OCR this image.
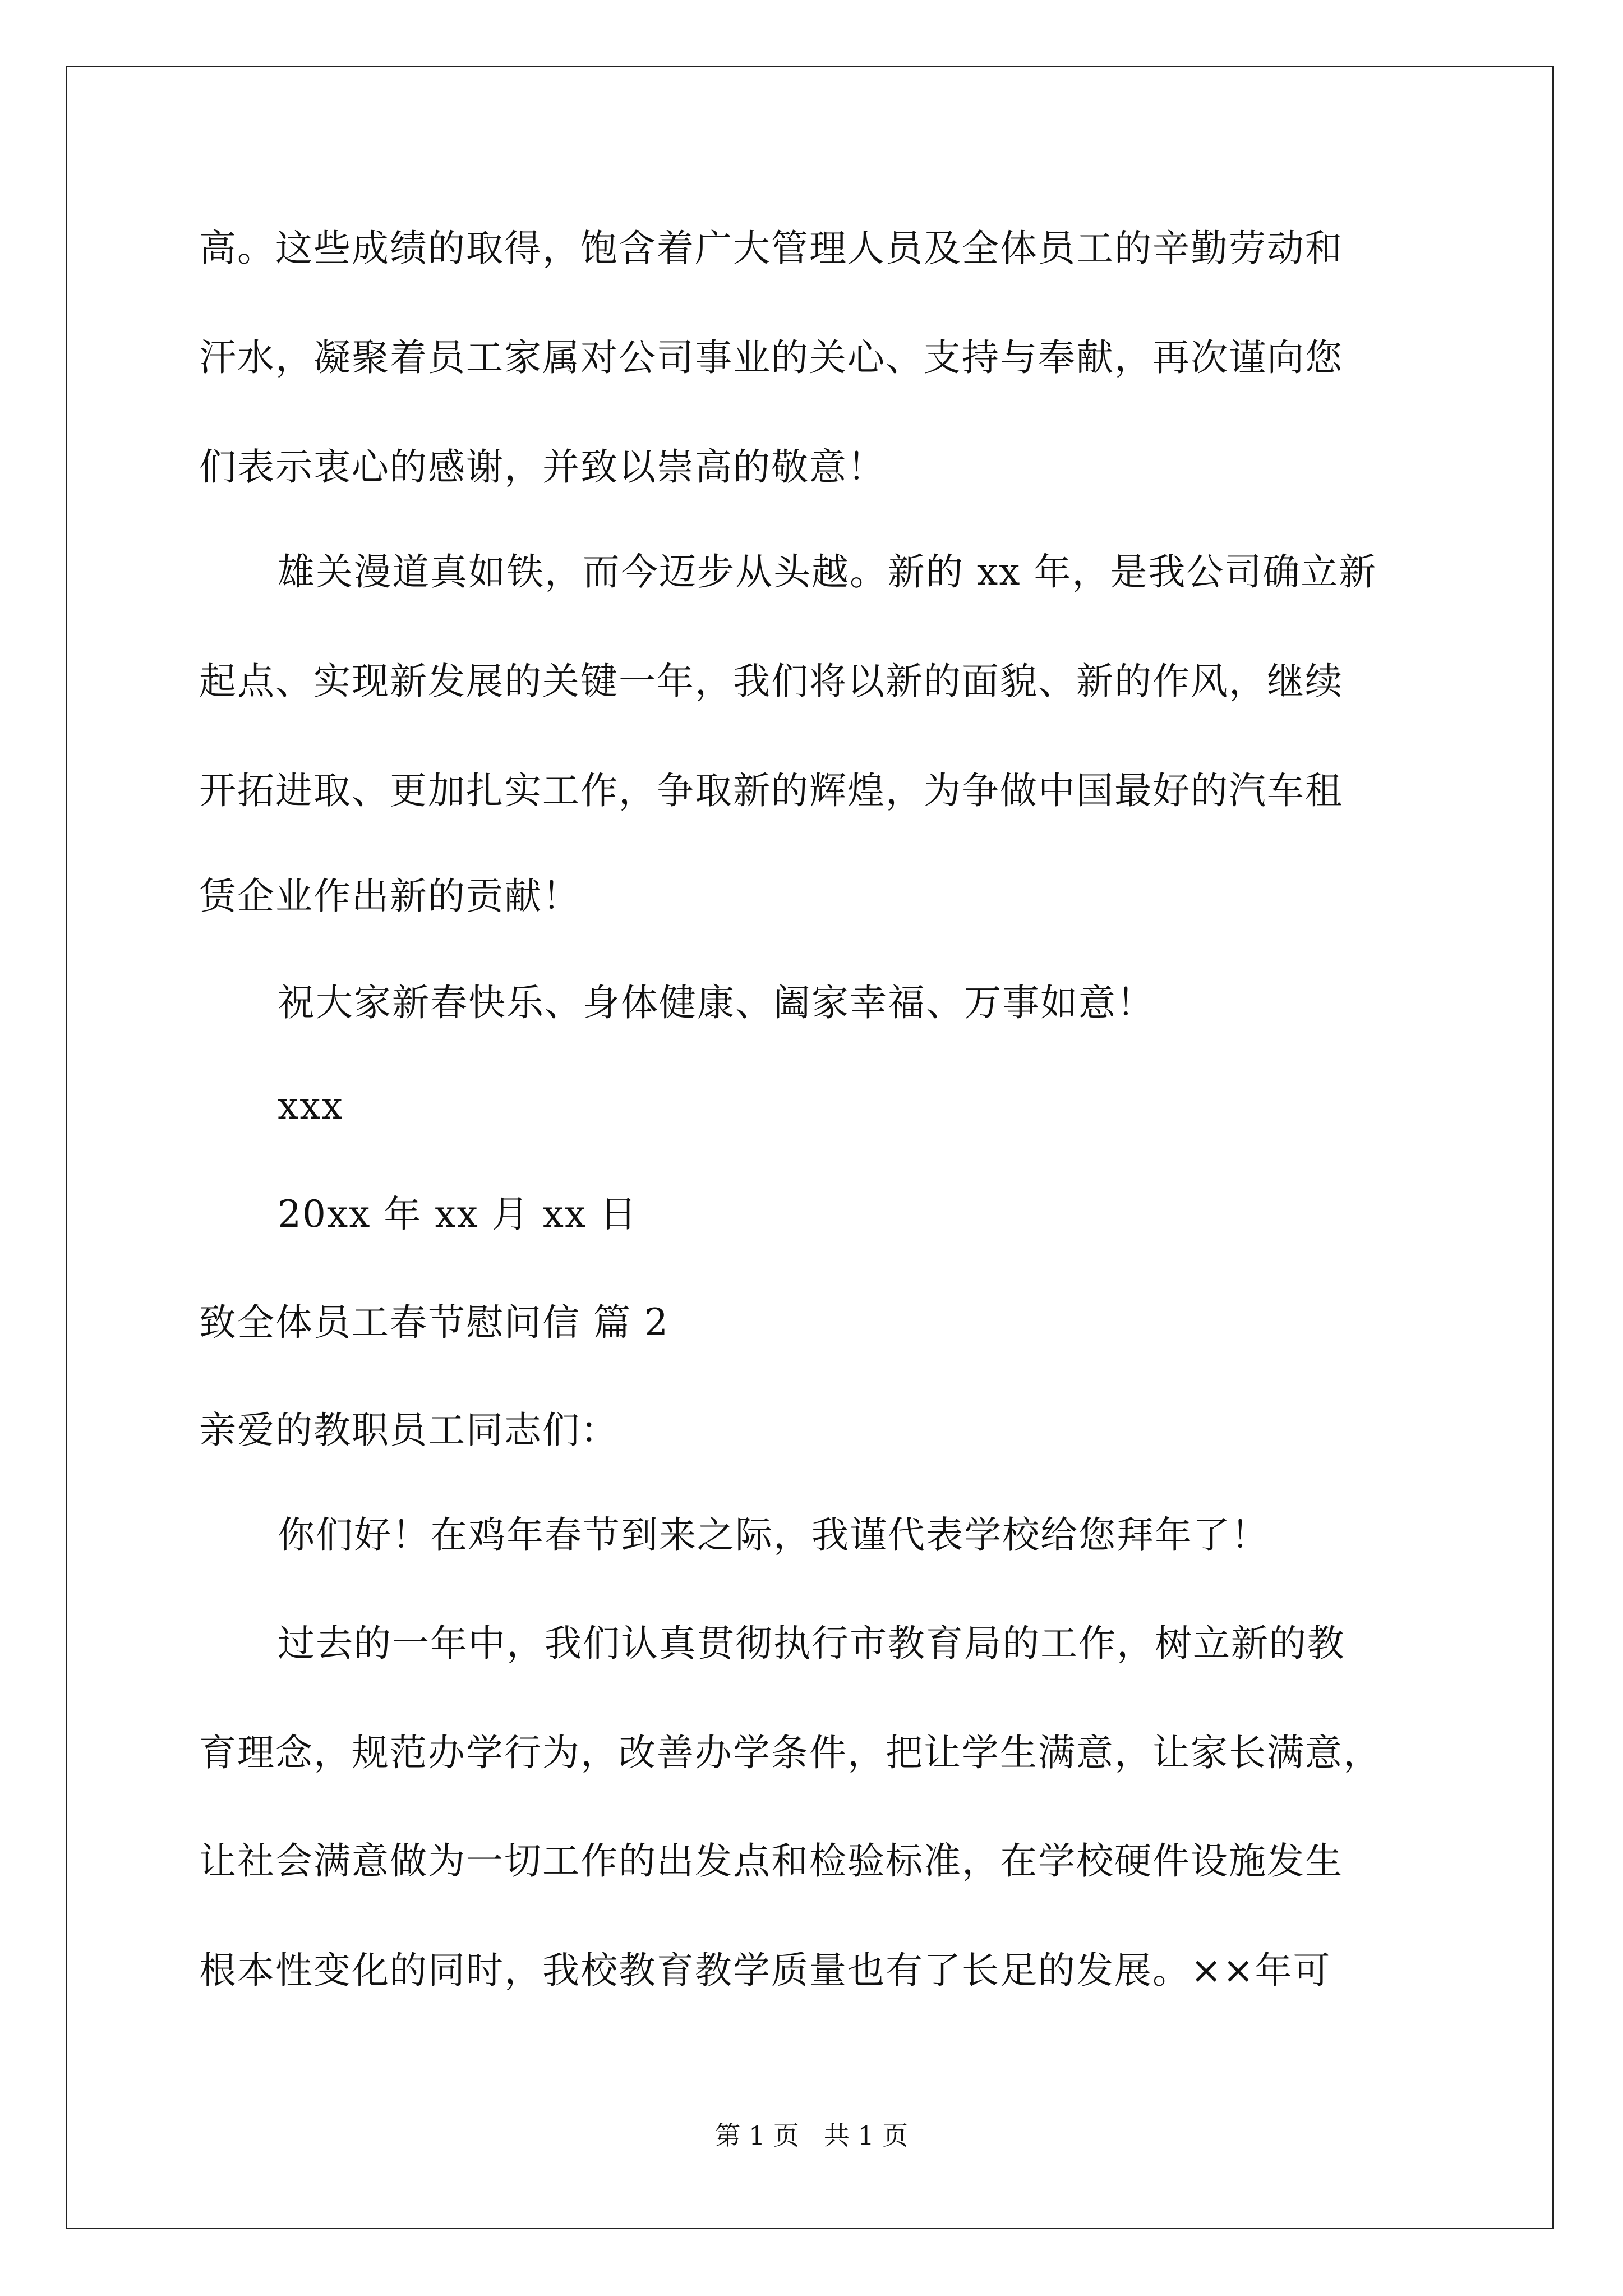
高。这些成绩的取得，饱含着广大管理人员及全体员工的辛勤劳动和
汗水，凝聚着员工家属对公司事业的关心、支持与奉献，再次谨向您
们表示衷心的感谢，并致以崇高的敬意！
雄关漫道真如铁，而今迈步从头越。新的 xx 年，是我公司确立新
起点、实现新发展的关键一年，我们将以新的面貌、新的作风，继续
开拓进取、更加扎实工作，争取新的辉煌，为争做中国最好的汽车租
赁企业作出新的贡献！
祝大家新春快乐、身体健康、阖家幸福、万事如意！
xxx
20xx 年 xx 月 xx 日
致全体员工春节慰问信 篇 2
亲爱的教职员工同志们：
你们好！在鸡年春节到来之际，我谨代表学校给您拜年了！
过去的一年中，我们认真贯彻执行市教育局的工作，树立新的教
育理念，规范办学行为，改善办学条件，把让学生满意，让家长满意，
让社会满意做为一切工作的出发点和检验标准，在学校硬件设施发生
根本性变化的同时，我校教育教学质量也有了长足的发展。××年可
第 1 页   共 1 页
